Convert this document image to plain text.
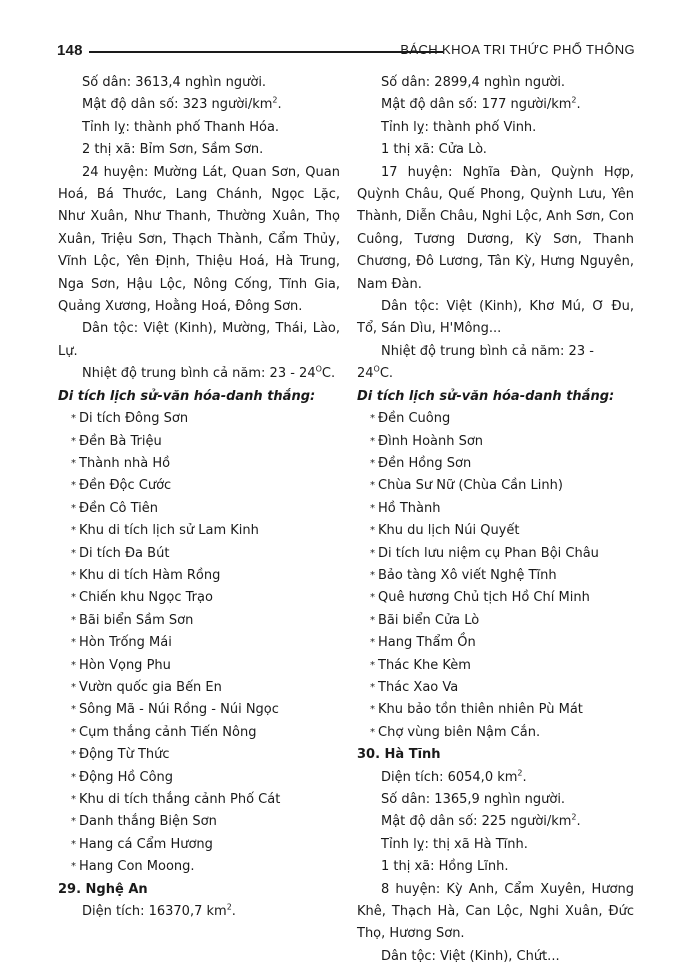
148	BÁCH KHOA TRI THỨC PHỔ THÔNG

Số dân: 3613,4 nghìn người.

Mật độ dân số: 323 người/$km^2$.

Tỉnh lỵ: thành phố Thanh Hóa.

2 thị xã: Bỉm Sơn, Sầm Sơn.

24 huyện: Mường Lát, Quan Sơn, Quan Hoá, Bá Thước, Lang Chánh, Ngọc Lặc, Như Xuân, Như Thanh, Thường Xuân, Thọ Xuân, Triệu Sơn, Thạch Thành, Cẩm Thủy, Vĩnh Lộc, Yên Định, Thiệu Hoá, Hà Trung, Nga Sơn, Hậu Lộc, Nông Cống, Tĩnh Gia, Quảng Xương, Hoằng Hoá, Đông Sơn.

Dân tộc: Việt (Kinh), Mường, Thái, Lào, Lự.

Nhiệt độ trung bình cả năm: $23 - 24^OC$.

Di tích lịch sử-văn hóa-danh thắng:

* Di tích Đông Sơn
* Đền Bà Triệu
* Thành nhà Hồ
* Đền Độc Cước
* Đền Cô Tiên
* Khu di tích lịch sử Lam Kinh
* Di tích Đa Bút
* Khu di tích Hàm Rồng
* Chiến khu Ngọc Trạo
* Bãi biển Sầm Sơn
* Hòn Trống Mái
* Hòn Vọng Phu
* Vườn quốc gia Bến En
* Sông Mã - Núi Rồng - Núi Ngọc
* Cụm thắng cảnh Tiến Nông
* Động Từ Thức
* Động Hồ Công
* Khu di tích thắng cảnh Phố Cát
* Danh thắng Biện Sơn
* Hang cá Cẩm Hương
* Hang Con Moong.

29. Nghệ An

Diện tích: 16370,7 $km^2$.

Số dân: 2899,4 nghìn người.

Mật độ dân số: 177 người/$km^2$.

Tỉnh lỵ: thành phố Vinh.

1 thị xã: Cửa Lò.

17 huyện: Nghĩa Đàn, Quỳnh Hợp, Quỳnh Châu, Quế Phong, Quỳnh Lưu, Yên Thành, Diễn Châu, Nghi Lộc, Anh Sơn, Con Cuông, Tương Dương, Kỳ Sơn, Thanh Chương, Đô Lương, Tân Kỳ, Hưng Nguyên, Nam Đàn.

Dân tộc: Việt (Kinh), Khơ Mú, Ơ Đu, Tổ, Sán Dìu, H'Mông...

Nhiệt độ trung bình cả năm: $23 - 24^OC$.

Di tích lịch sử-văn hóa-danh thắng:

* Đền Cuông
* Đình Hoành Sơn
* Đền Hồng Sơn
* Chùa Sư Nữ (Chùa Cần Linh)
* Hồ Thành
* Khu du lịch Núi Quyết
* Di tích lưu niệm cụ Phan Bội Châu
* Bảo tàng Xô viết Nghệ Tĩnh
* Quê hương Chủ tịch Hồ Chí Minh
* Bãi biển Cửa Lò
* Hang Thẩm Ồn
* Thác Khe Kèm
* Thác Xao Va
* Khu bảo tồn thiên nhiên Pù Mát
* Chợ vùng biên Nậm Cắn.

30. Hà Tĩnh

Diện tích: 6054,0 $km^2$.

Số dân: 1365,9 nghìn người.

Mật độ dân số: 225 người/$km^2$.

Tỉnh lỵ: thị xã Hà Tĩnh.

1 thị xã: Hồng Lĩnh.

8 huyện: Kỳ Anh, Cẩm Xuyên, Hương Khê, Thạch Hà, Can Lộc, Nghi Xuân, Đức Thọ, Hương Sơn.

Dân tộc: Việt (Kinh), Chứt...
